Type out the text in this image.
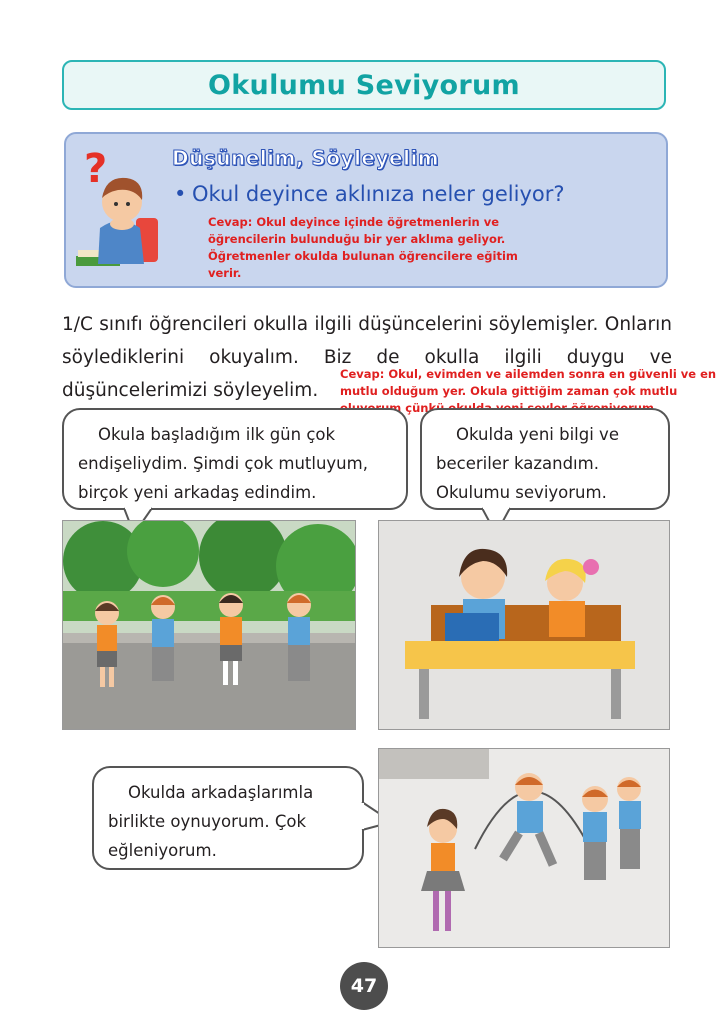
Okulumu Seviyorum
?	Düşünelim, Söyleyelim
• Okul deyince aklınıza neler geliyor?
Cevap: Okul deyince içinde öğretmenlerin ve öğrencilerin bulunduğu bir yer aklıma geliyor. Öğretmenler okulda bulunan öğrencilere eğitim verir.
1/C sınıfı öğrencileri okulla ilgili düşüncelerini söylemişler. Onların söylediklerini okuyalım. Biz de okulla ilgili duygu ve düşüncelerimizi söyleyelim.
Cevap: Okul, evimden ve ailemden sonra en güvenli ve en mutlu olduğum yer. Okula gittiğim zaman çok mutlu çünkü

Okula başladığım ilk gün çok endişeliydim. Şimdi çok mutluyum, birçok yeni arkadaş edindim.

Okulda yeni bilgi ve beceriler kazandım. Okulumu seviyorum.

Okulda arkadaşlarımla birlikte oynuyorum. Çok eğleniyorum.

47
